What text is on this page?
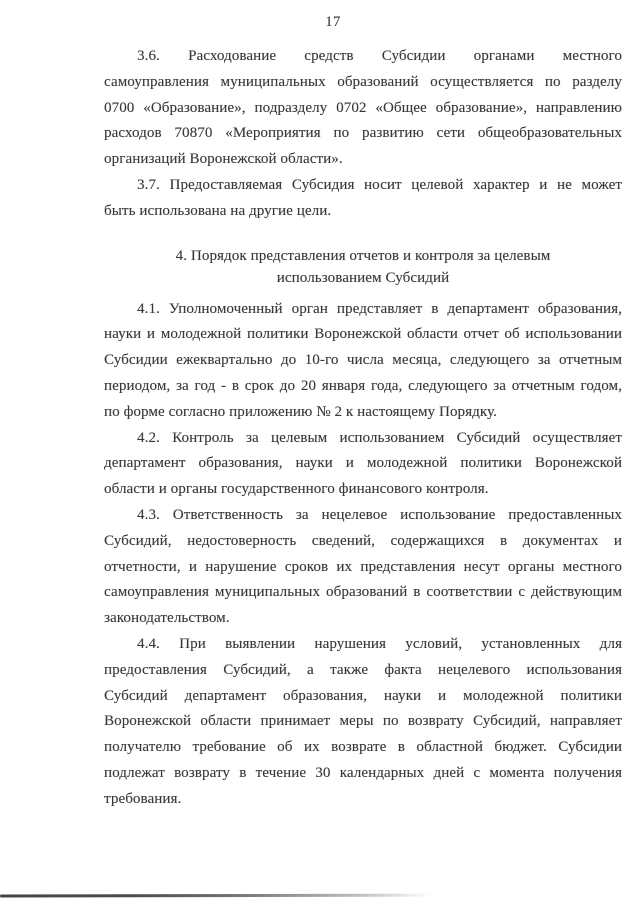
17
3.6. Расходование средств Субсидии органами местного
самоуправления муниципальных образований осуществляется по разделу
0700 «Образование», подразделу 0702 «Общее образование», направлению
расходов 70870 «Мероприятия по развитию сети общеобразовательных
организаций Воронежской области».
3.7. Предоставляемая Субсидия носит целевой характер и не может
быть использована на другие цели.
4. Порядок представления отчетов и контроля за целевым
использованием Субсидий
4.1. Уполномоченный орган представляет в департамент образования,
науки и молодежной политики Воронежской области отчет об использовании
Субсидии ежеквартально до 10-го числа месяца, следующего за отчетным
периодом, за год - в срок до 20 января года, следующего за отчетным годом,
по форме согласно приложению № 2 к настоящему Порядку.
4.2. Контроль за целевым использованием Субсидий осуществляет
департамент образования, науки и молодежной политики Воронежской
области и органы государственного финансового контроля.
4.3. Ответственность за нецелевое использование предоставленных
Субсидий, недостоверность сведений, содержащихся в документах и
отчетности, и нарушение сроков их представления несут органы местного
самоуправления муниципальных образований в соответствии с действующим
законодательством.
4.4. При выявлении нарушения условий, установленных для
предоставления Субсидий, а также факта нецелевого использования
Субсидий департамент образования, науки и молодежной политики
Воронежской области принимает меры по возврату Субсидий, направляет
получателю требование об их возврате в областной бюджет. Субсидии
подлежат возврату в течение 30 календарных дней с момента получения
требования.
